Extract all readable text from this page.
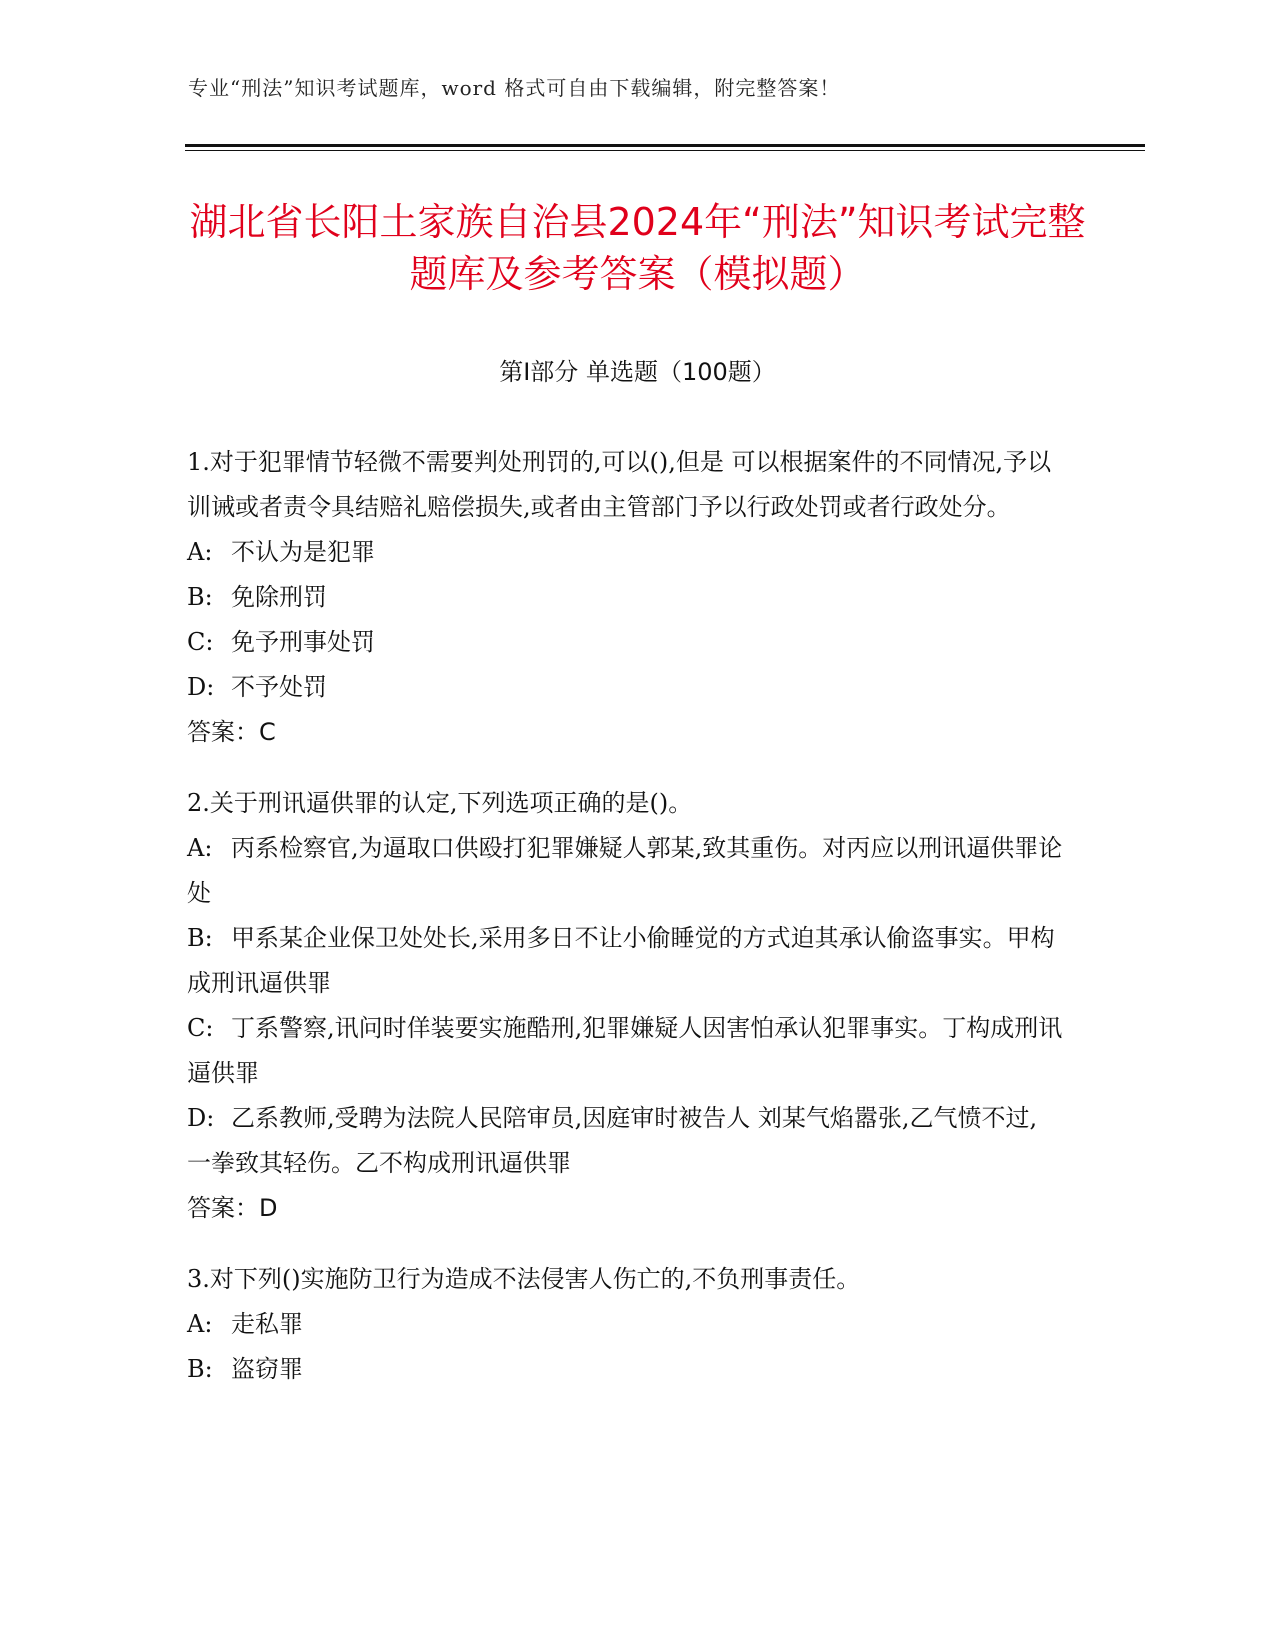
专业“刑法”知识考试题库，word 格式可自由下载编辑，附完整答案！
湖北省长阳土家族自治县2024年“刑法”知识考试完整题库及参考答案（模拟题）
第I部分 单选题（100题）

1.对于犯罪情节轻微不需要判处刑罚的,可以(),但是 可以根据案件的不同情况,予以训诫或者责令具结赔礼赔偿损失,或者由主管部门予以行政处罚或者行政处分。

A: 不认为是犯罪

B: 免除刑罚

C: 免予刑事处罚

D: 不予处罚

答案：C

2.关于刑讯逼供罪的认定,下列选项正确的是()。

A: 丙系检察官,为逼取口供殴打犯罪嫌疑人郭某,致其重伤。对丙应以刑讯逼供罪论处

B: 甲系某企业保卫处处长,采用多日不让小偷睡觉的方式迫其承认偷盗事实。甲构成刑讯逼供罪

C: 丁系警察,讯问时佯装要实施酷刑,犯罪嫌疑人因害怕承认犯罪事实。丁构成刑讯逼供罪

D: 乙系教师,受聘为法院人民陪审员,因庭审时被告人 刘某气焰嚣张,乙气愤不过, 一拳致其轻伤。乙不构成刑讯逼供罪

答案：D

3.对下列()实施防卫行为造成不法侵害人伤亡的,不负刑事责任。

A: 走私罪

B: 盗窃罪
